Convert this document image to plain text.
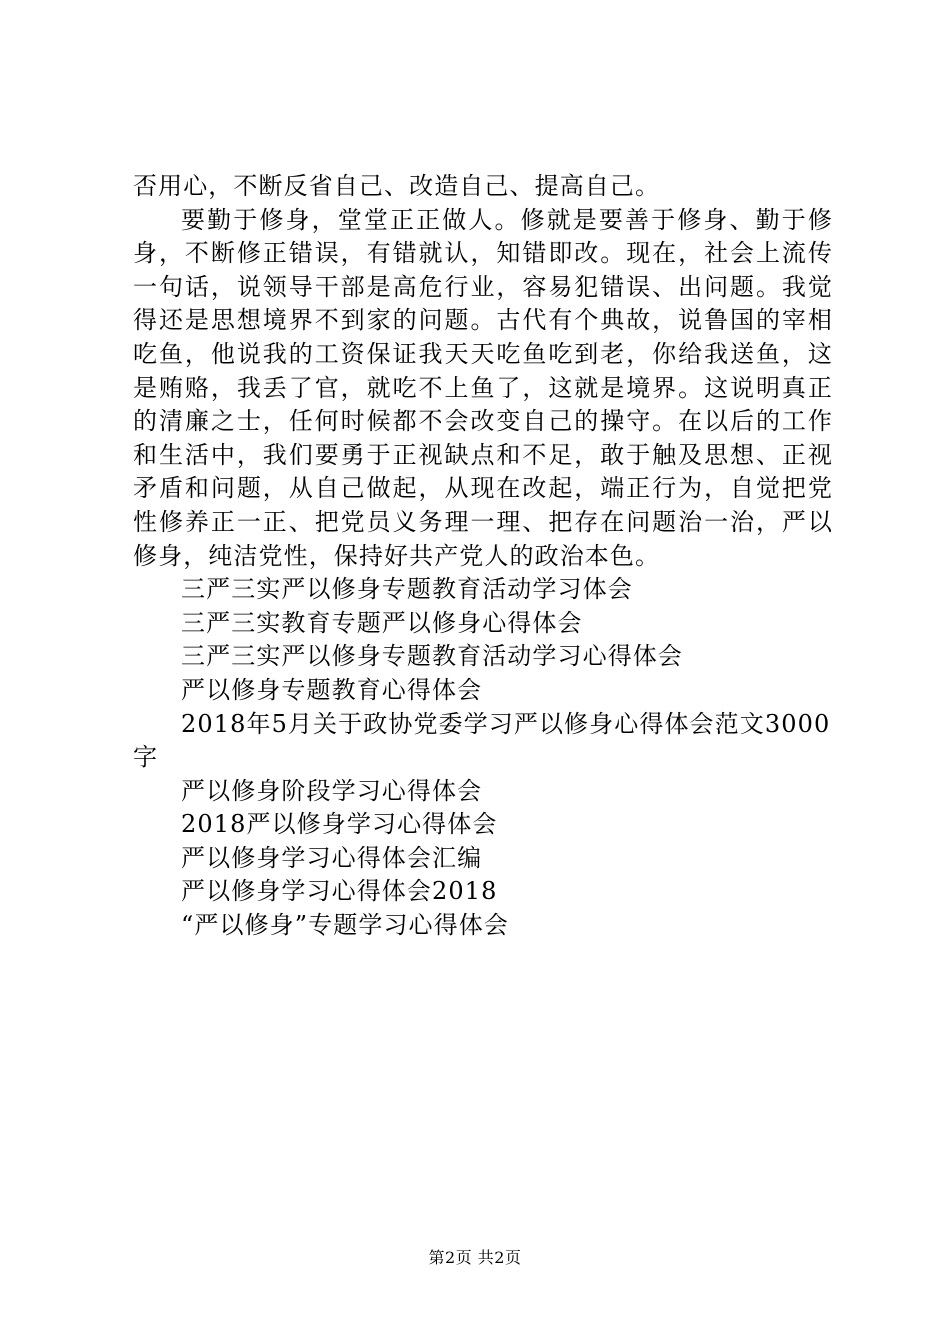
否用心，不断反省自己、改造自己、提高自己。

要勤于修身，堂堂正正做人。修就是要善于修身、勤于修身，不断修正错误，有错就认，知错即改。现在，社会上流传一句话，说领导干部是高危行业，容易犯错误、出问题。我觉得还是思想境界不到家的问题。古代有个典故，说鲁国的宰相吃鱼，他说我的工资保证我天天吃鱼吃到老，你给我送鱼，这是贿赂，我丢了官，就吃不上鱼了，这就是境界。这说明真正的清廉之士，任何时候都不会改变自己的操守。在以后的工作和生活中，我们要勇于正视缺点和不足，敢于触及思想、正视矛盾和问题，从自己做起，从现在改起，端正行为，自觉把党性修养正一正、把党员义务理一理、把存在问题治一治，严以修身，纯洁党性，保持好共产党人的政治本色。

三严三实严以修身专题教育活动学习体会
三严三实教育专题严以修身心得体会
三严三实严以修身专题教育活动学习心得体会
严以修身专题教育心得体会
2018年5月关于政协党委学习严以修身心得体会范文3000字
严以修身阶段学习心得体会
2018严以修身学习心得体会
严以修身学习心得体会汇编
严以修身学习心得体会2018
“严以修身”专题学习心得体会
第2页 共2页
